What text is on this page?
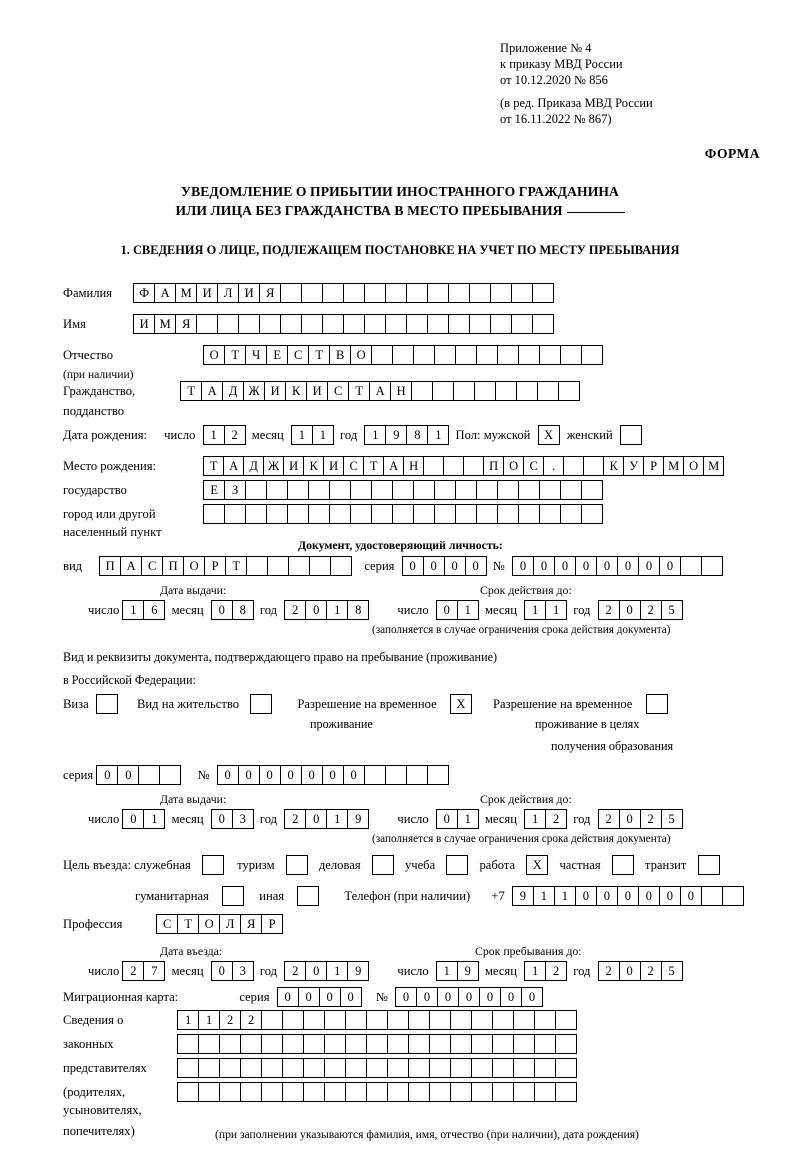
Приложение № 4
к приказу МВД России
от 10.12.2020 № 856
(в ред. Приказа МВД России
от 16.11.2022 № 867)
ФОРМА
УВЕДОМЛЕНИЕ О ПРИБЫТИИ ИНОСТРАННОГО ГРАЖДАНИНА
ИЛИ ЛИЦА БЕЗ ГРАЖДАНСТВА В МЕСТО ПРЕБЫВАНИЯ
1. СВЕДЕНИЯ О ЛИЦЕ, ПОДЛЕЖАЩЕМ ПОСТАНОВКЕ НА УЧЕТ ПО МЕСТУ ПРЕБЫВАНИЯ
Фамилия Ф А М И Л И Я
Имя	И М Я
Отчество	О Т Ч Е С Т В О
(при наличии)
Гражданство,	Т А Д Ж И К И С Т А Н
подданство
Дата рождения: число 1 2 месяц 1 1 год 1 9 8 1 Пол: мужской X женский
Место рождения:	Т А Д Ж И К И С Т А Н	П О С .	К У Р М О М
государство	Е З
город или другой
населенный пункт
Документ, удостоверяющий личность:
вид П А С П О Р Т	серия 0 0 0 0 № 0 0 0 0 0 0 0 0
Дата выдачи:	Срок действия до:
число 1 6 месяц 0 8 год 2 0 1 8	число 0 1 месяц 1 1 год 2 0 2 5
(заполняется в случае ограничения срока действия документа)
Вид и реквизиты документа, подтверждающего право на пребывание (проживание)
в Российской Федерации:
Виза	Вид на жительство	Разрешение на временное X Разрешение на временное
проживание	проживание в целях
получения образования
серия 0 0	№ 0 0 0 0 0 0 0
Дата выдачи:	Срок действия до:
число 0 1 месяц 0 3 год 2 0 1 9	число 0 1 месяц 1 2 год 2 0 2 5
(заполняется в случае ограничения срока действия документа)
Цель въезда: служебная	туризм	деловая	учеба	работа X частная	транзит
гуманитарная	иная	Телефон (при наличии) +7 9 1 1 0 0 0 0 0 0
Профессия	С Т О Л Я Р
Дата въезда:	Срок пребывания до:
число 2 7 месяц 0 3 год 2 0 1 9	число 1 9 месяц 1 2 год 2 0 2 5
Миграционная карта:	серия 0 0 0 0 № 0 0 0 0 0 0 0
Сведения о	1 1 2 2
законных
представителях
(родителях,
усыновителях,
попечителях)	(при заполнении указываются фамилия, имя, отчество (при наличии), дата рождения)
